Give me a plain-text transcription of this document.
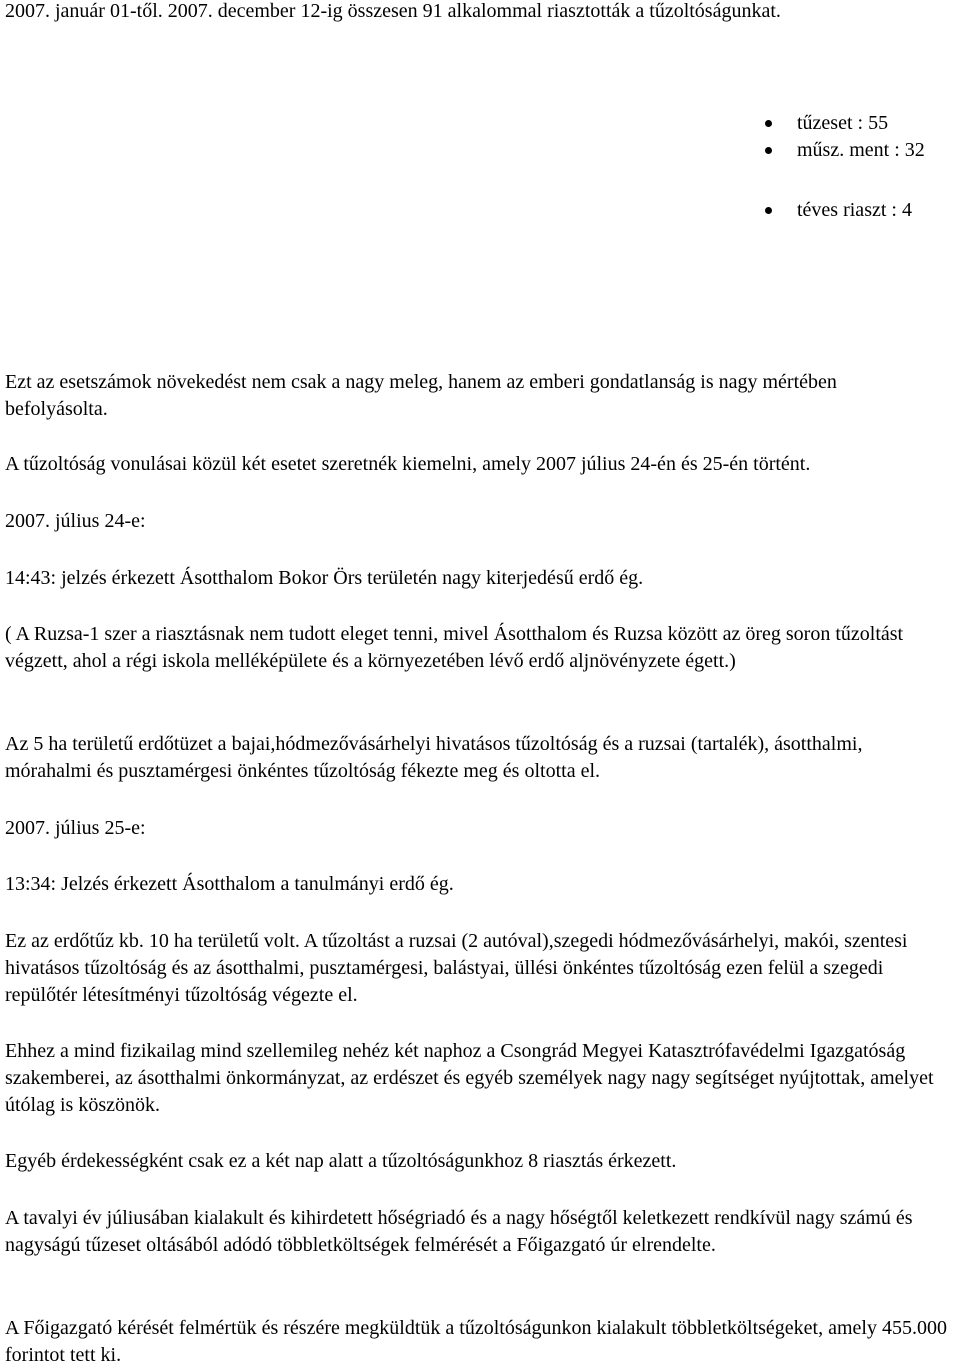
2007. január 01-től. 2007. december 12-ig összesen 91 alkalommal riasztották a tűzoltóságunkat.

tűzeset : 55
műsz. ment : 32
téves riaszt : 4

Ezt az esetszámok növekedést nem csak a nagy meleg, hanem az emberi gondatlanság is nagy mértében befolyásolta.

A tűzoltóság vonulásai közül két esetet szeretnék kiemelni, amely 2007 július 24-én és 25-én történt.

2007. július 24-e:

14:43: jelzés érkezett Ásotthalom Bokor Örs területén nagy kiterjedésű erdő ég.

( A Ruzsa-1 szer a riasztásnak nem tudott eleget tenni, mivel Ásotthalom és Ruzsa között az öreg soron tűzoltást végzett, ahol a régi iskola melléképülete és a környezetében lévő erdő aljnövényzete égett.)

Az 5 ha területű erdőtüzet a bajai,hódmezővásárhelyi hivatásos tűzoltóság és a ruzsai (tartalék), ásotthalmi, mórahalmi és pusztamérgesi önkéntes tűzoltóság fékezte meg és oltotta el.

2007. július 25-e:

13:34: Jelzés érkezett Ásotthalom a tanulmányi erdő ég.

Ez az erdőtűz kb. 10 ha területű volt. A tűzoltást a ruzsai (2 autóval),szegedi hódmezővásárhelyi, makói, szentesi hivatásos tűzoltóság és az ásotthalmi, pusztamérgesi, balástyai, üllési önkéntes tűzoltóság ezen felül a szegedi repülőtér létesítményi tűzoltóság végezte el.

Ehhez a mind fizikailag mind szellemileg nehéz két naphoz a Csongrád Megyei Katasztrófavédelmi Igazgatóság szakemberei, az ásotthalmi önkormányzat, az erdészet és egyéb személyek nagy nagy segítséget nyújtottak, amelyet útólag is köszönök.

Egyéb érdekességként csak ez a két nap alatt a tűzoltóságunkhoz 8 riasztás érkezett.

A tavalyi év júliusában kialakult és kihirdetett hőségriadó és a nagy hőségtől keletkezett rendkívül nagy számú és nagyságú tűzeset oltásából adódó többletköltségek felmérését a Főigazgató úr elrendelte.

A Főigazgató kérését felmértük és részére megküldtük a tűzoltóságunkon kialakult többletköltségeket, amely 455.000 forintot tett ki.
